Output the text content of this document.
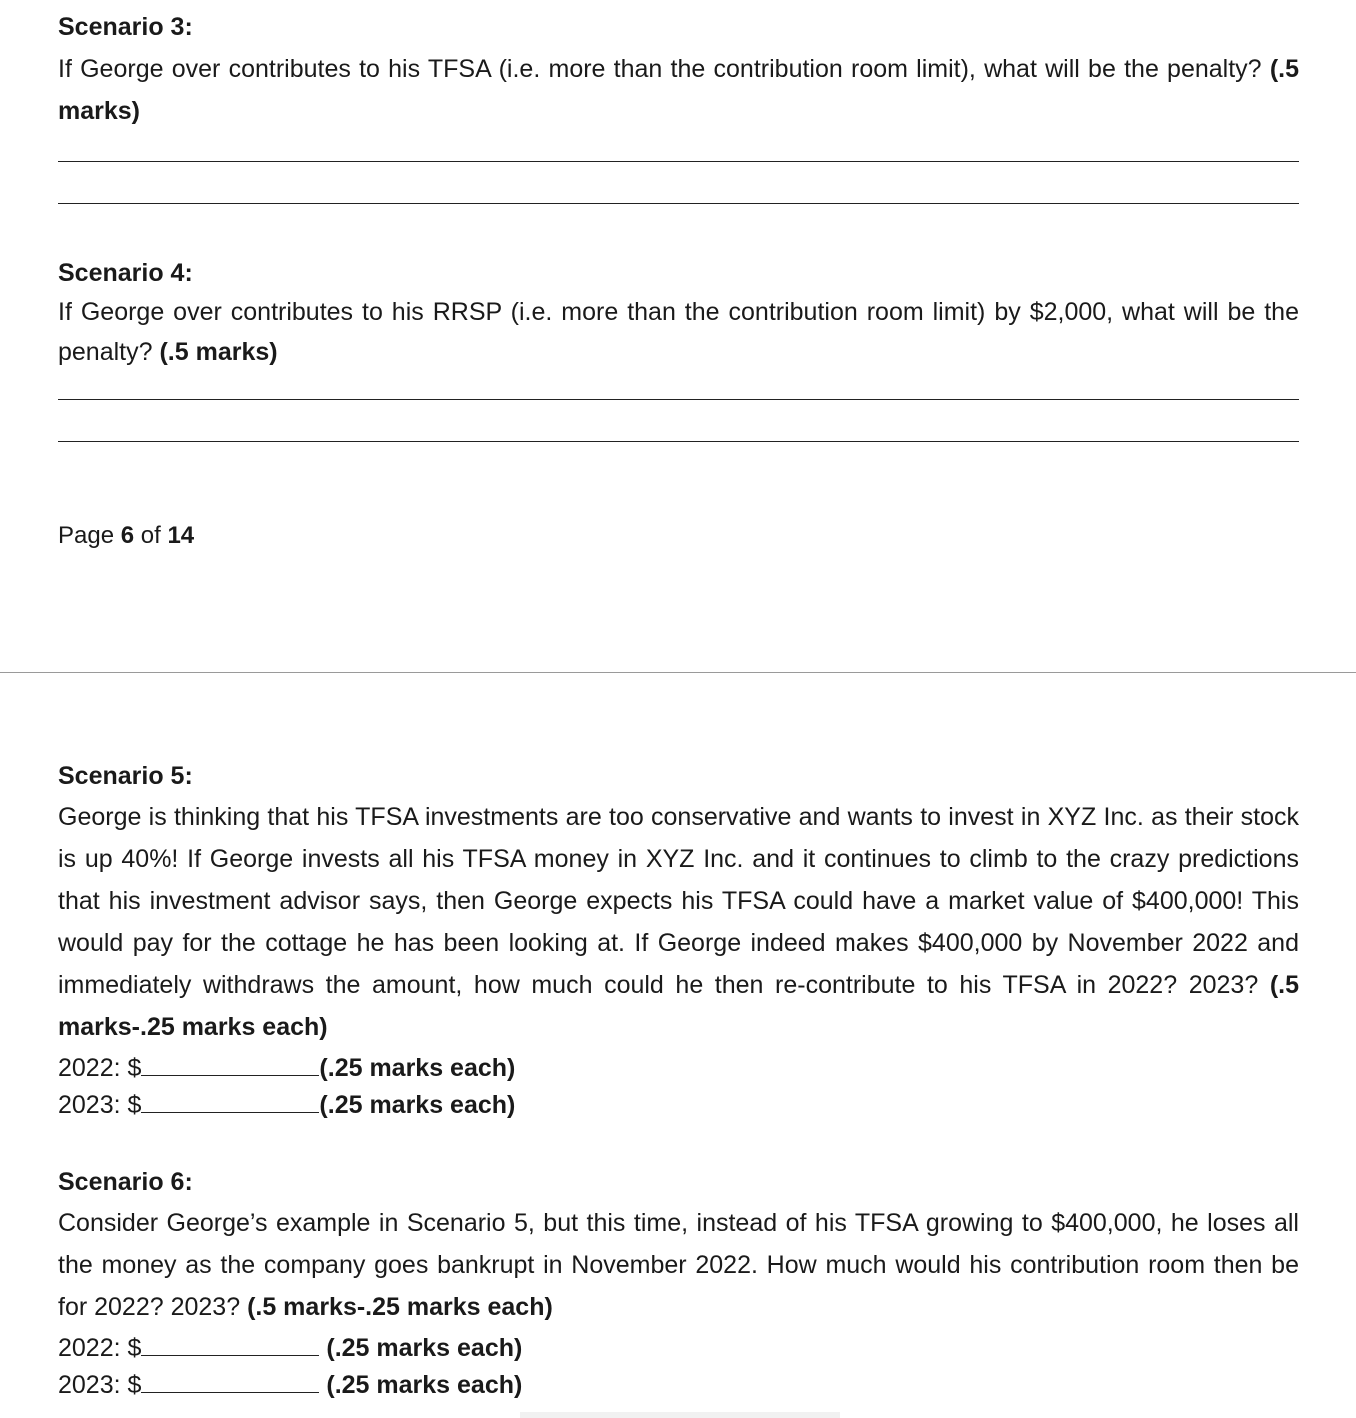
Scenario 3:

If George over contributes to his TFSA (i.e. more than the contribution room limit), what will be the penalty? (.5 marks)

Scenario 4:

If George over contributes to his RRSP (i.e. more than the contribution room limit) by $2,000, what will be the penalty? (.5 marks)

Page 6 of 14

Scenario 5:

George is thinking that his TFSA investments are too conservative and wants to invest in XYZ Inc. as their stock is up 40%! If George invests all his TFSA money in XYZ Inc. and it continues to climb to the crazy predictions that his investment advisor says, then George expects his TFSA could have a market value of $400,000! This would pay for the cottage he has been looking at. If George indeed makes $400,000 by November 2022 and immediately withdraws the amount, how much could he then re-contribute to his TFSA in 2022? 2023? (.5 marks-.25 marks each)

2022: $	(.25 marks each)
2023: $	(.25 marks each)

Scenario 6:

Consider George’s example in Scenario 5, but this time, instead of his TFSA growing to $400,000, he loses all the money as the company goes bankrupt in November 2022. How much would his contribution room then be for 2022? 2023? (.5 marks-.25 marks each)

2022: $	(.25 marks each)
2023: $	(.25 marks each)
